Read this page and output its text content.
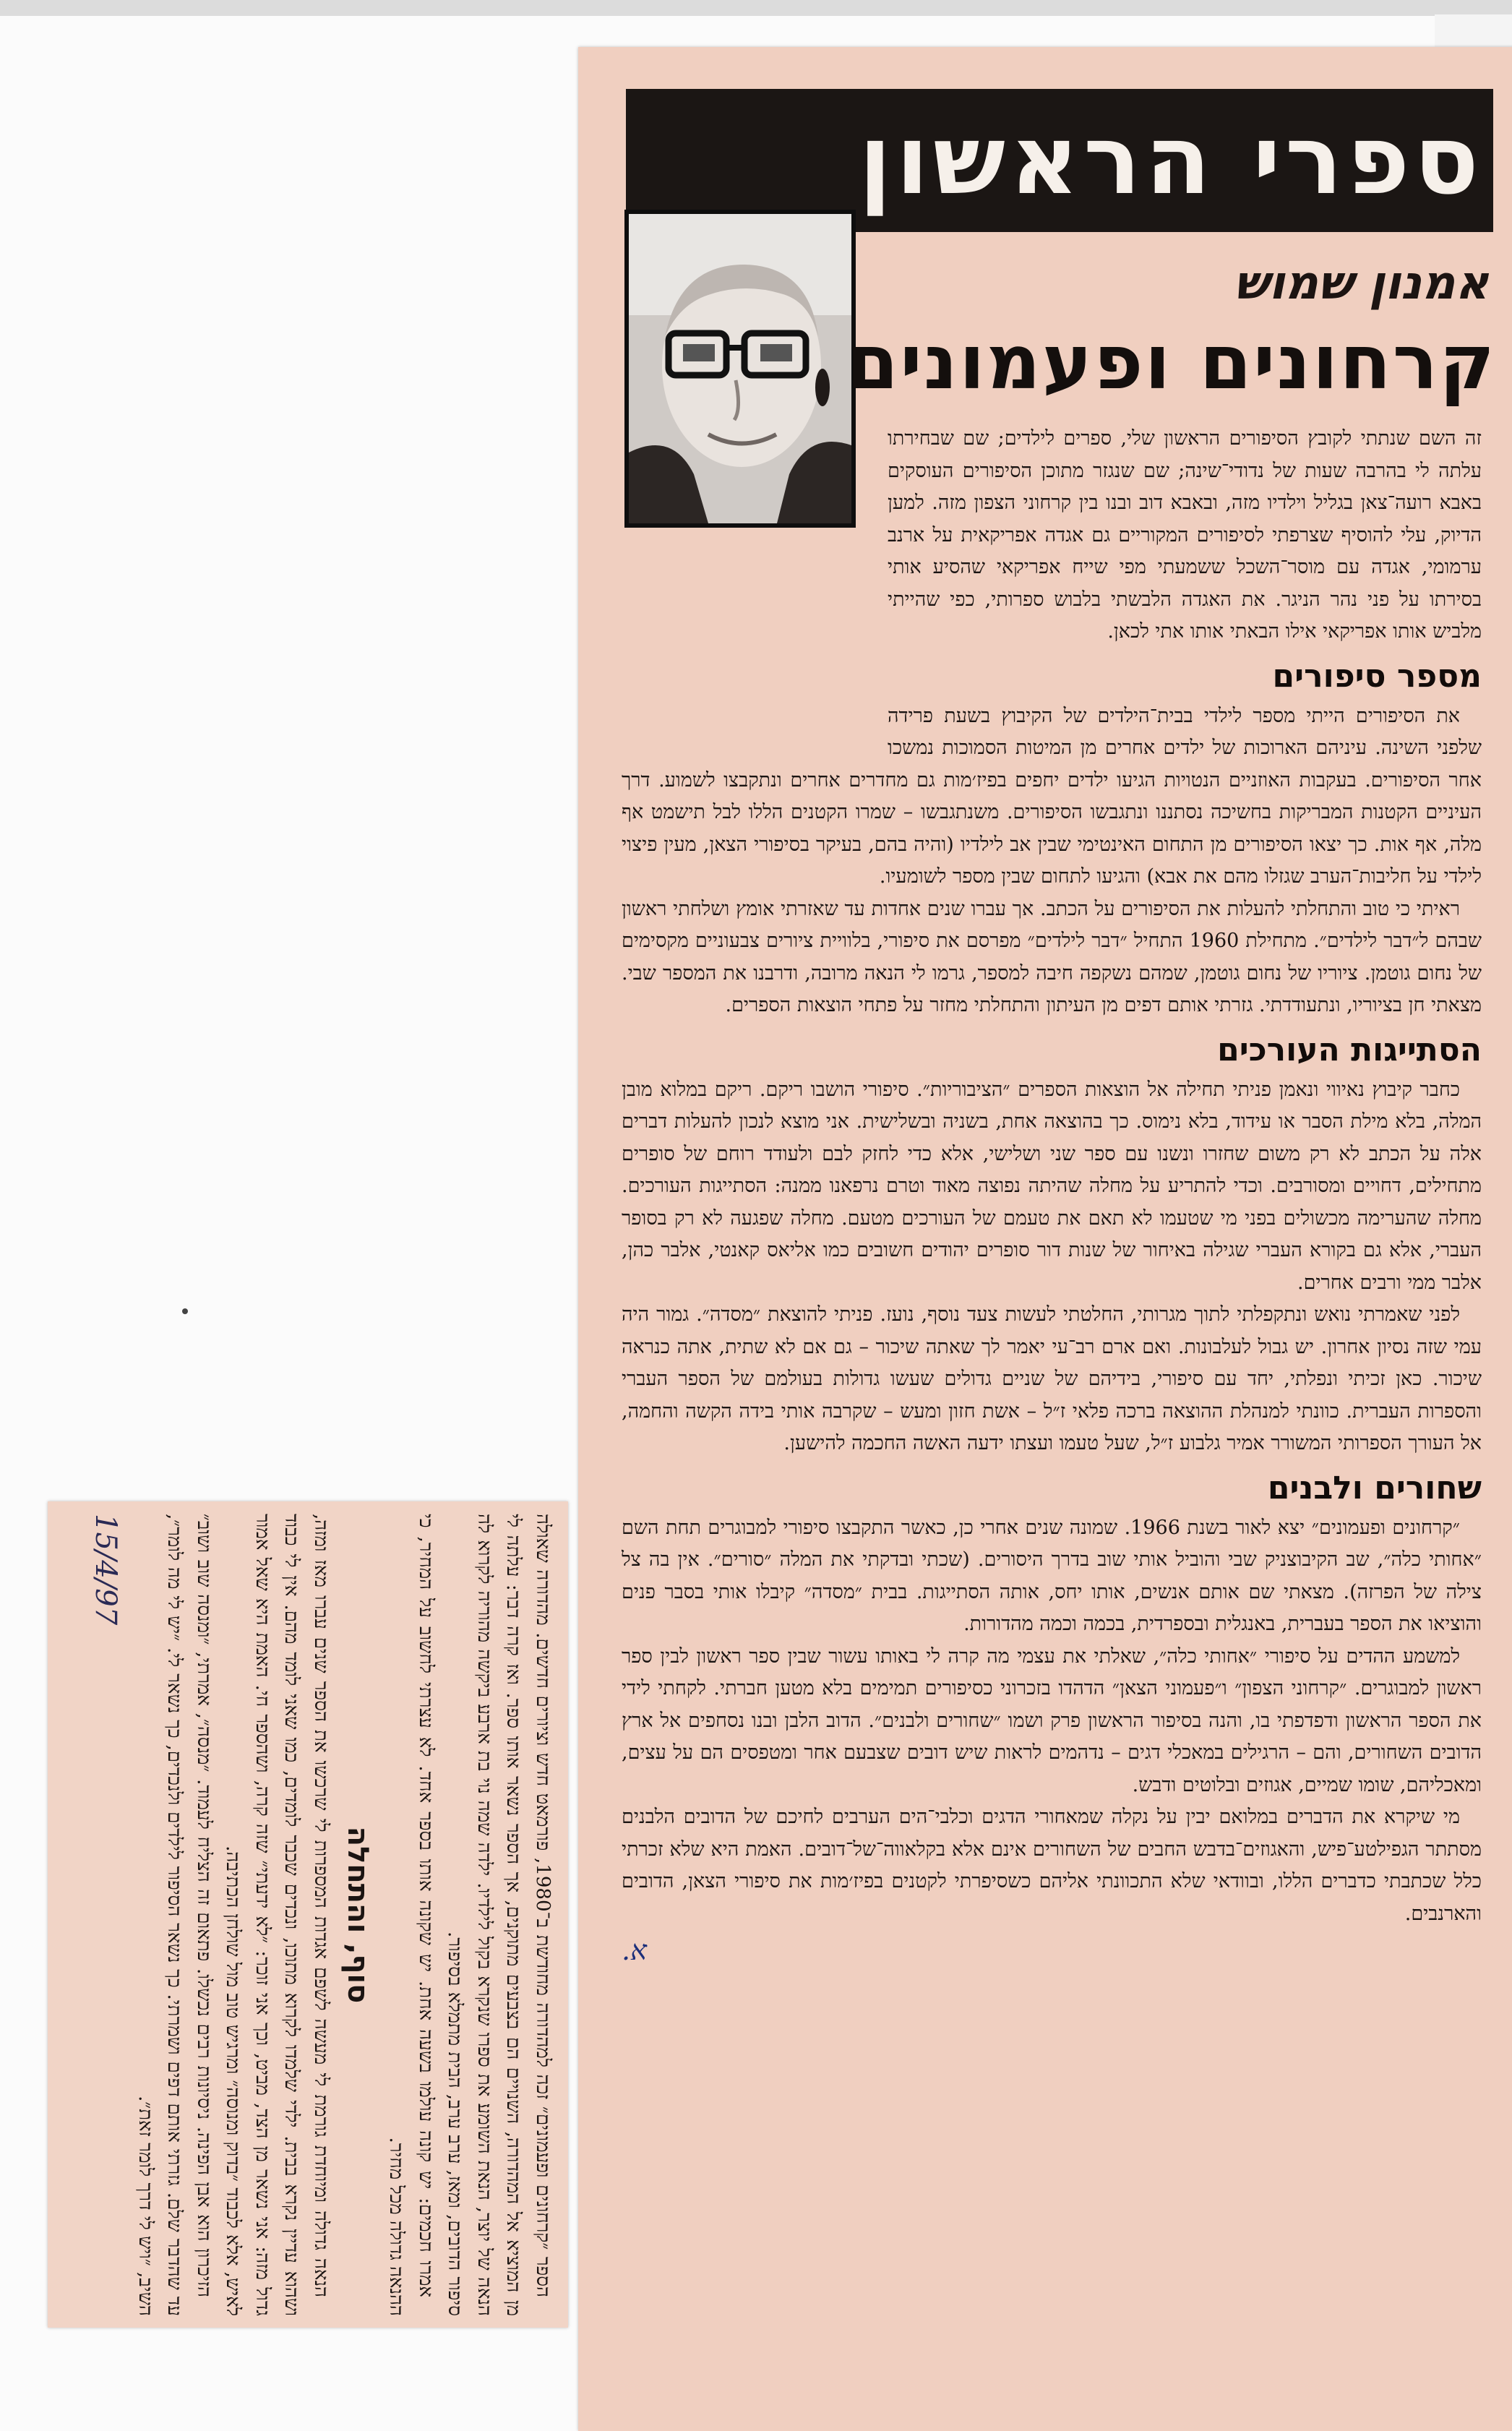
ספרי הראשון
אמנון שמוש
קרחונים ופעמונים

זה השם שנתתי לקובץ הסיפורים הראשון שלי, ספרים לילדים; שם שבחירתו עלתה לי בהרבה שעות של נדודי־שינה; שם שנגזר מתוכן הסיפורים העוסקים באבא רועה־צאן בגליל וילדיו מזה, ובאבא דוב ובנו בין קרחוני הצפון מזה. למען הדיוק, עלי להוסיף שצרפתי לסיפורים המקוריים גם אגדה אפריקאית על ארנב ערמומי, אגדה עם מוסר־השכל ששמעתי מפי שייח אפריקאי שהסיע אותי בסירתו על פני נהר הניגר. את האגדה הלבשתי בלבוש ספרותי, כפי שהייתי מלביש אותו אפריקאי אילו הבאתי אותו אתי לכאן.

מספר סיפורים

את הסיפורים הייתי מספר לילדי בבית־הילדים של הקיבוץ בשעת פרידה שלפני השינה. עיניהם הארוכות של ילדים אחרים מן המיטות הסמוכות נמשכו אחר הסיפורים. בעקבות האוזניים הנטויות הגיעו ילדים יחפים בפיז׳מות גם מחדרים אחרים ונתקבצו לשמוע. דרך העיניים הקטנות המבריקות בחשיכה נסתננו ונתגבשו הסיפורים. משנתגבשו – שמרו הקטנים הללו לבל תישמט אף מלה, אף אות. כך יצאו הסיפורים מן התחום האינטימי שבין אב לילדיו (והיה בהם, בעיקר בסיפורי הצאן, מעין פיצוי לילדי על חליבות־הערב שגזלו מהם את אבא) והגיעו לתחום שבין מספר לשומעיו.

ראיתי כי טוב והתחלתי להעלות את הסיפורים על הכתב. אך עברו שנים אחדות עד שאזרתי אומץ ושלחתי ראשון שבהם ל״דבר לילדים״. מתחילת 1960 התחיל ״דבר לילדים״ מפרסם את סיפורי, בלוויית ציורים צבעוניים מקסימים של נחום גוטמן. ציוריו של נחום גוטמן, שמהם נשקפה חיבה למספר, גרמו לי הנאה מרובה, ודרבנו את המספר שבי. מצאתי חן בציוריו, ונתעודדתי. גזרתי אותם דפים מן העיתון והתחלתי מחזר על פתחי הוצאות הספרים.

הסתייגות העורכים

כחבר קיבוץ נאיווי ונאמן פניתי תחילה אל הוצאות הספרים ״הציבוריות״. סיפורי הושבו ריקם. ריקם במלוא מובן המלה, בלא מילת הסבר או עידוד, בלא נימוס. כך בהוצאה אחת, בשניה ובשלישית. אני מוצא לנכון להעלות דברים אלה על הכתב לא רק משום שחזרו ונשנו עם ספר שני ושלישי, אלא כדי לחזק לבם ולעודד רוחם של סופרים מתחילים, דחויים ומסורבים. וכדי להתריע על מחלה שהיתה נפוצה מאוד וטרם נרפאנו ממנה: הסתייגות העורכים. מחלה שהערימה מכשולים בפני מי שטעמו לא תאם את טעמם של העורכים מטעם. מחלה שפגעה לא רק בסופר העברי, אלא גם בקורא העברי שגילה באיחור של שנות דור סופרים יהודים חשובים כמו אליאס קאנטי, אלבר כהן, אלבר ממי ורבים אחרים.

לפני שאמרתי נואש ונתקפלתי לתוך מגרותי, החלטתי לעשות צעד נוסף, נועז. פניתי להוצאת ״מסדה״. גמור היה עמי שזה נסיון אחרון. יש גבול לעלבונות. ואם ארם רב־עי יאמר לך שאתה שיכור – גם אם לא שתית, אתה כנראה שיכור. כאן זכיתי ונפלתי, יחד עם סיפורי, בידיהם של שניים גדולים שעשו גדולות בעולמם של הספר העברי והספרות העברית. כוונתי למנהלת ההוצאה ברכה פלאי ז״ל – אשת חזון ומעש – שקרבה אותי בידה הקשה והחמה, אל העורך הספרותי המשורר אמיר גלבוע ז״ל, שעל טעמו ועצתו ידעה האשה החכמה להישען.

שחורים ולבנים

״קרחונים ופעמונים״ יצא לאור בשנת 1966. שמונה שנים אחרי כן, כאשר התקבצו סיפורי למבוגרים תחת השם ״אחותי כלה״, שב הקיבוצניק שבי והוביל אותי שוב בדרך היסורים. (שכתי ובדקתי את המלה ״סורים״. אין בה צל צילה של הפרזה). מצאתי שם אותם אנשים, אותו יחס, אותה הסתייגות. בבית ״מסדה״ קיבלו אותי בסבר פנים והוציאו את הספר בעברית, באנגלית ובספרדית, בכמה וכמה מהדורות.

למשמע ההדים על סיפורי ״אחותי כלה״, שאלתי את עצמי מה קרה לי באותו עשור שבין ספר ראשון לבין ספר ראשון למבוגרים. ״קרחוני הצפון״ ו״פעמוני הצאן״ הדהדו בזכרוני כסיפורים תמימים בלא מטען חברתי. לקחתי לידי את הספר הראשון ודפדפתי בו, והנה בסיפור הראשון פרק ושמו ״שחורים ולבנים״. הדוב הלבן ובנו נסחפים אל ארץ הדובים השחורים, והם – הרגילים במאכלי דגים – נדהמים לראות שיש דובים שצבעם אחר ומטפסים הם על עצים, ומאכליהם, שומו שמיים, אגוזים ובלוטים ודבש.

מי שיקרא את הדברים במלואם יבין על נקלה שמאחורי הדגים וכלבי־הים הערבים לחיכם של הדובים הלבנים מסתתר הגפילטע־פיש, והאגוזים־בדבש החבים של השחורים אינם אלא בקלאווה־של־דובים. האמת היא שלא זכרתי כלל שכתבתי כדברים הללו, ובוודאי שלא התכוונתי אליהם כשסיפרתי לקטנים בפיז׳מות את סיפורי הצאן, הדובים והארנבים.

א.

הספר ״קרחונים ופעמונים״ זכה למהדורה מחודשת ב־1980, פורמאט חדש וציורים חדשים. מהדורה שאולה מן המוציא אל המהדורה, השנויים הם בצבעים מתוקנים, אך הספר נשאר אותו ספר. ואז קרה דבר: עלתה לי הנאה של יוצר, הנאת השומע את ספרו שנקרא בקול לילדיו. ילדה שמה נוי בת ארבע ביקשה מהוריה לקרוא לה סיפור הדובים, ומאז, ערב ערב, הבית מתמלא בסיפור.

אמרו חכמים: יש קונה עולמו בשעה אחת. יש שקונה אותו בספר אחד. לא עצרתי לחשוב על המחיר, כי ההנאה גדולה מכל מחיר.

סוף, והתחלה

הנאה גדולה ומיוחדת גורמת לי מעשה לשפם אגדות המספרות לי שרכשו את הספר שנים עברו מאז ומזה, ושהוא עדיין נקרא בבית. ילדי שלמדו לקרוא מתוכו, ונכדים שכבר לומדים, כמו שאני לומד מהם. אין לי כבוד גדול מזה: אני נשאר מן הצד, מביט, וכך אני זוכר: ״לא ידעתי״ שזה קרה, ושהספר חי. האמת היא שאל אמור לאיש, אלא לכבוד ״בדוק ומנוסה״ ומרגיש טוב מול שולחן הכתיבה.

הזיכרון הוא אבן הפינה. ניסיונות רבים נכשלו. פתאום זה הצליח לעמוד. ״מנסה״, אמרתי, ״ומנסה שוב ושוב״ עד שהדבר שלם. גזרתי אותם דפים ושמרתי. כך נשאר הסיפור לילדים ולנכדים, כך נשאר לי. ״יש לי מה לומר״, השיב, ״ויש לי דרך לומר זאת״.

15/4/97
